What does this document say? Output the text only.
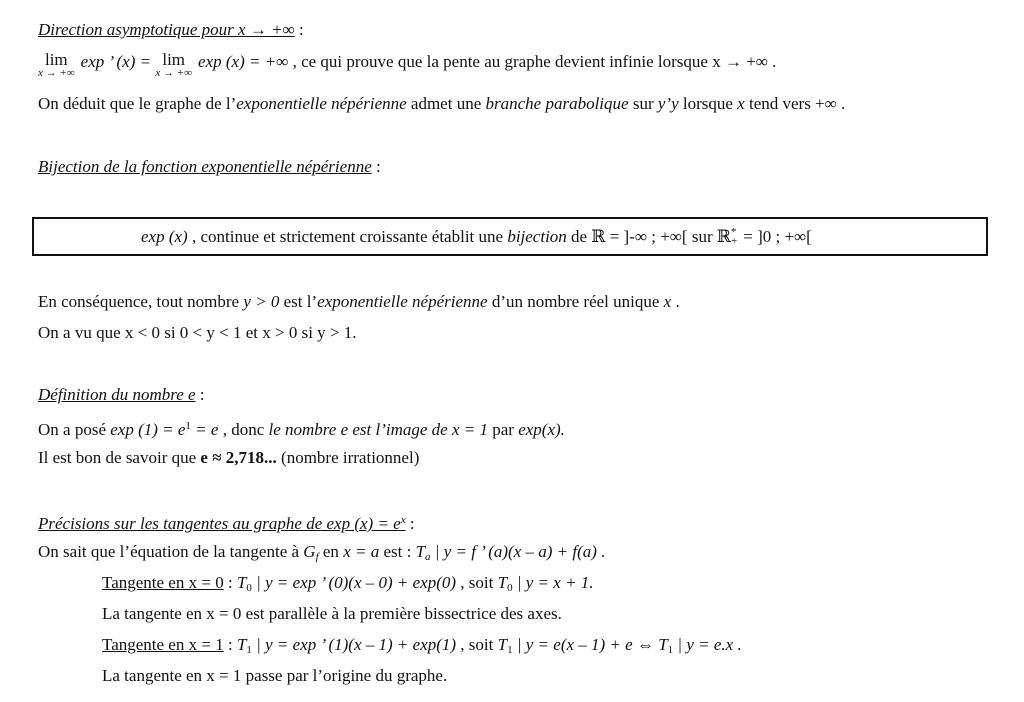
Direction asymptotique pour x → +∞ :
lim
x → +∞
exp ’ (x) = lim
x → +∞
exp (x) = +∞ , ce qui prouve que la pente au graphe devient infinie lorsque x → +∞ .
On déduit que le graphe de l’exponentielle népérienne admet une branche parabolique sur y’y lorsque x tend vers +∞ .
Bijection de la fonction exponentielle népérienne :
exp (x) , continue et strictement croissante établit une bijection de ℝ = ]-∞ ; +∞[ sur ℝ *
+ = ]0 ; +∞[
En conséquence, tout nombre y > 0 est l’exponentielle népérienne d’un nombre réel unique x .
On a vu que x < 0 si 0 < y < 1 et x > 0 si y > 1.
Définition du nombre e :
On a posé $\exp (1) = e^1 = e$ , donc le nombre e est l’image de x = 1 par exp(x).
Il est bon de savoir que e ≈ 2,718... (nombre irrationnel)
Précisions sur les tangentes au graphe de $\exp (x) = e^x$ :
On sait que l’équation de la tangente à $G_f$ en x = a est : $T_a$ | y = f ’ (a)(x – a) + f(a) .
Tangente en x = 0 : $T_0$ | y = exp ’ (0)(x – 0) + exp(0) , soit $T_0$ | y = x + 1.
La tangente en x = 0 est parallèle à la première bissectrice des axes.
Tangente en x = 1 : $T_1$ | y = exp ’ (1)(x – 1) + exp(1) , soit $T_1$ | y = e(x – 1) + e ⇔ $T_1$ | y = e.x .
La tangente en x = 1 passe par l’origine du graphe.
